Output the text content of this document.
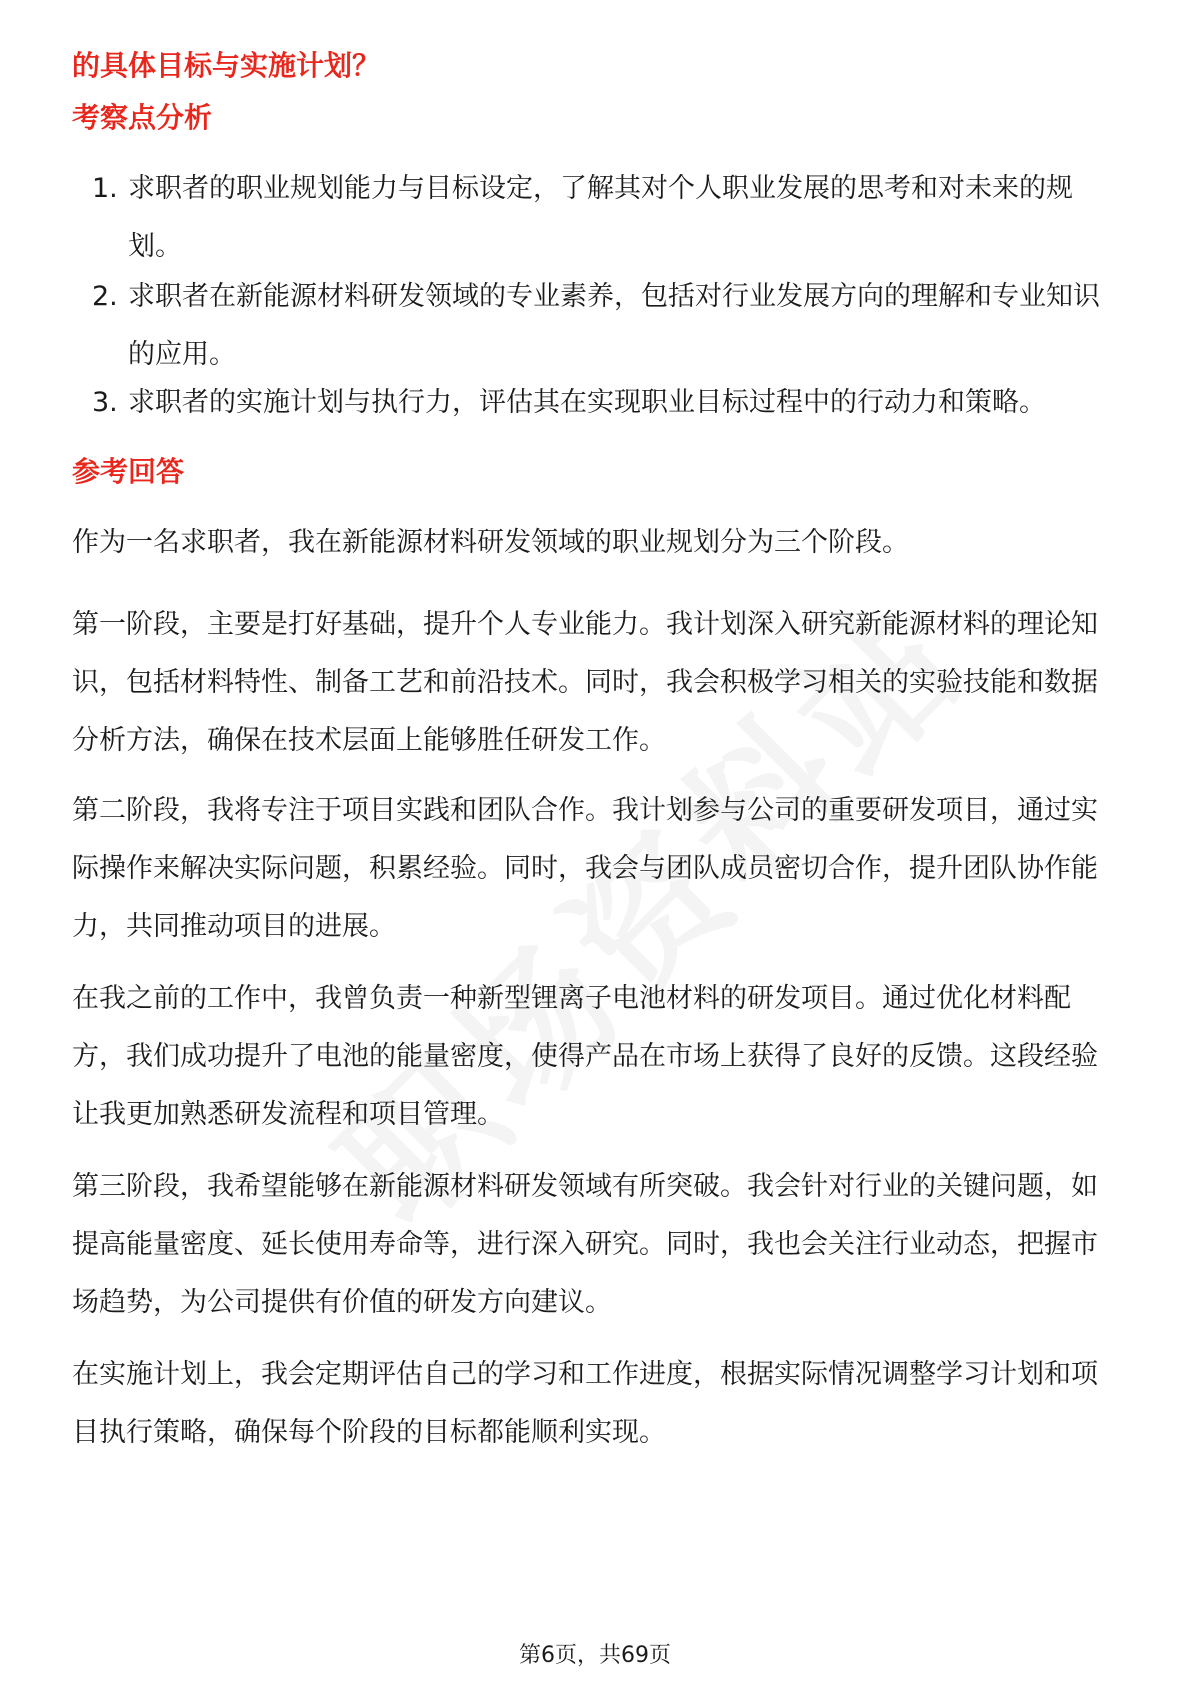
的具体目标与实施计划？
考察点分析
1. 求职者的职业规划能力与目标设定，了解其对个人职业发展的思考和对未来的规划。
2. 求职者在新能源材料研发领域的专业素养，包括对行业发展方向的理解和专业知识的应用。
3. 求职者的实施计划与执行力，评估其在实现职业目标过程中的行动力和策略。
参考回答

作为一名求职者，我在新能源材料研发领域的职业规划分为三个阶段。

第一阶段，主要是打好基础，提升个人专业能力。我计划深入研究新能源材料的理论知识，包括材料特性、制备工艺和前沿技术。同时，我会积极学习相关的实验技能和数据分析方法，确保在技术层面上能够胜任研发工作。

第二阶段，我将专注于项目实践和团队合作。我计划参与公司的重要研发项目，通过实际操作来解决实际问题，积累经验。同时，我会与团队成员密切合作，提升团队协作能力，共同推动项目的进展。

在我之前的工作中，我曾负责一种新型锂离子电池材料的研发项目。通过优化材料配方，我们成功提升了电池的能量密度，使得产品在市场上获得了良好的反馈。这段经验让我更加熟悉研发流程和项目管理。

第三阶段，我希望能够在新能源材料研发领域有所突破。我会针对行业的关键问题，如提高能量密度、延长使用寿命等，进行深入研究。同时，我也会关注行业动态，把握市场趋势，为公司提供有价值的研发方向建议。

在实施计划上，我会定期评估自己的学习和工作进度，根据实际情况调整学习计划和项目执行策略，确保每个阶段的目标都能顺利实现。

第6页，共69页
